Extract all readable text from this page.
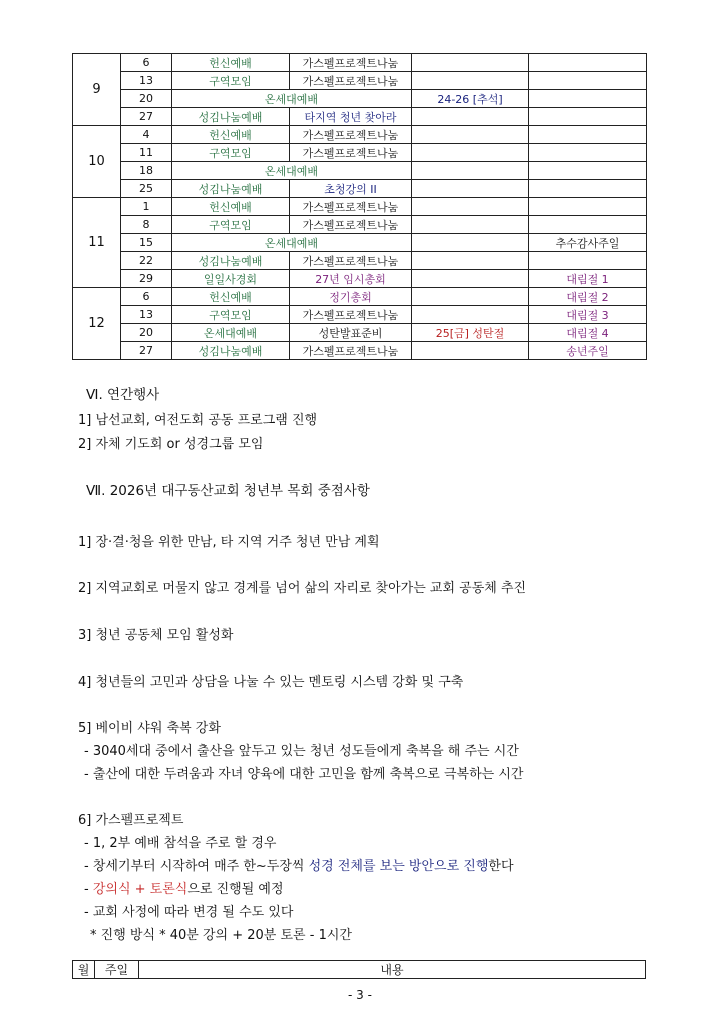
9	6	헌신예배	가스펠프로젝트나눔		
	13	구역모임	가스펠프로젝트나눔		
	20	온세대예배		24-26 [추석]	
	27	성김나눔예배	타지역 청년 찾아라		
10	4	헌신예배	가스펠프로젝트나눔		
	11	구역모임	가스펠프로젝트나눔		
	18	온세대예배			
	25	성김나눔예배	초청강의 II		
11	1	헌신예배	가스펠프로젝트나눔		
	8	구역모임	가스펠프로젝트나눔		
	15	온세대예배			추수감사주일
	22	성김나눔예배	가스펠프로젝트나눔		
	29	일일사경회	27년 임시총회		대림절 1
12	6	헌신예배	정기총회		대림절 2
	13	구역모임	가스펠프로젝트나눔		대림절 3
	20	온세대예배	성탄발표준비	25[금] 성탄절	대림절 4
	27	성김나눔예배	가스펠프로젝트나눔		송년주일
Ⅵ. 연간행사
1] 남선교회, 여전도회 공동 프로그램 진행
2] 자체 기도회 or 성경그룹 모임
Ⅶ. 2026년 대구동산교회 청년부 목회 중점사항
1] 장·결·청을 위한 만남, 타 지역 거주 청년 만남 계획
2] 지역교회로 머물지 않고 경계를 넘어 삶의 자리로 찾아가는 교회 공동체 추진
3] 청년 공동체 모임 활성화
4] 청년들의 고민과 상담을 나눌 수 있는 멘토링 시스템 강화 및 구축
5] 베이비 샤워 축복 강화
- 3040세대 중에서 출산을 앞두고 있는 청년 성도들에게 축복을 해 주는 시간
- 출산에 대한 두려움과 자녀 양육에 대한 고민을 함께 축복으로 극복하는 시간
6] 가스펠프로젝트
- 1, 2부 예배 참석을 주로 할 경우
- 창세기부터 시작하여 매주 한~두장씩 성경 전체를 보는 방안으로 진행한다
- 강의식 + 토론식으로 진행될 예정
- 교회 사정에 따라 변경 될 수도 있다
* 진행 방식 * 40분 강의 + 20분 토론 - 1시간
월	주일	내용
- 3 -
